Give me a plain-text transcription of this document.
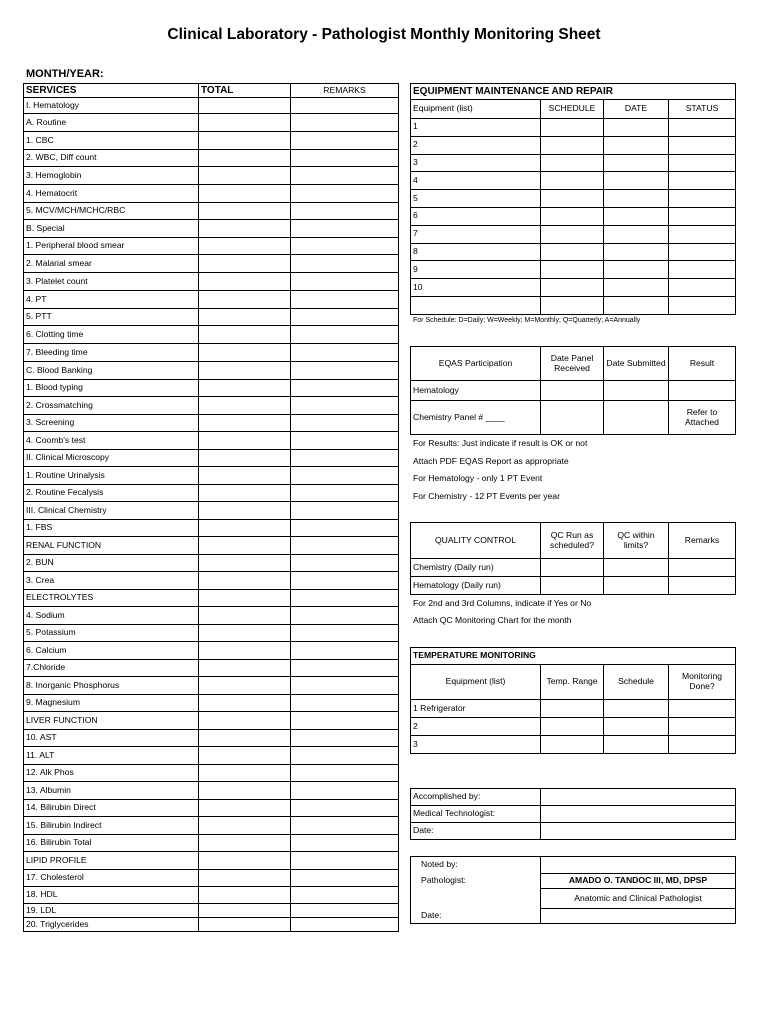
Clinical Laboratory - Pathologist Monthly Monitoring Sheet
MONTH/YEAR:
SERVICES	TOTAL	REMARKS
I. Hematology		
A. Routine		
1. CBC		
2. WBC, Diff count		
3. Hemoglobin		
4. Hematocrit		
5. MCV/MCH/MCHC/RBC		
B. Special		
1. Peripheral blood smear		
2. Malarial smear		
3. Platelet count		
4. PT		
5. PTT		
6. Clotting time		
7. Bleeding time		
C. Blood Banking		
1. Blood typing		
2. Crossmatching		
3. Screening		
4. Coomb's test		
II. Clinical Microscopy		
1. Routine Urinalysis		
2. Routine Fecalysis		
III. Clinical Chemistry		
1. FBS		
RENAL FUNCTION		
2. BUN		
3. Crea		
ELECTROLYTES		
4. Sodium		
5. Potassium		
6. Calcium		
7.Chloride		
8. Inorganic Phosphorus		
9. Magnesium		
LIVER FUNCTION		
10. AST		
11. ALT		
12. Alk Phos		
13. Albumin		
14. Bilirubin Direct		
15. Bilirubin Indirect		
16. Bilirubin Total		
LIPID PROFILE		
17. Cholesterol		
18. HDL		
19. LDL		
20. Triglycerides		
EQUIPMENT MAINTENANCE AND REPAIR			
Equipment (list)	SCHEDULE	DATE	STATUS
1			
2			
3			
4			
5			
6			
7			
8			
9			
10			

For Schedule: D=Daily; W=Weekly; M=Monthly; Q=Quarterly; A=Annually
EQAS Participation	Date Panel Received	Date Submitted	Result
Hematology			
Chemistry Panel # ____			Refer to Attached
For Results: Just indicate if result is OK or not
Attach PDF EQAS Report as appropriate
For Hematology - only 1 PT Event
For Chemistry - 12 PT Events per year
QUALITY CONTROL	QC Run as scheduled?	QC within limits?	Remarks
Chemistry (Daily run)			
Hematology (Daily run)			
For 2nd and 3rd Columns, indicate if Yes or No
Attach QC Monitoring Chart for the month
TEMPERATURE MONITORING			
Equipment (list)	Temp. Range	Schedule	Monitoring Done?
1 Refrigerator			
2			
3			
Accomplished by:	
Medical Technologist:	
Date:	
Noted by:	
Pathologist:	AMADO O. TANDOC III, MD, DPSP
	Anatomic and Clinical Pathologist
Date:	
